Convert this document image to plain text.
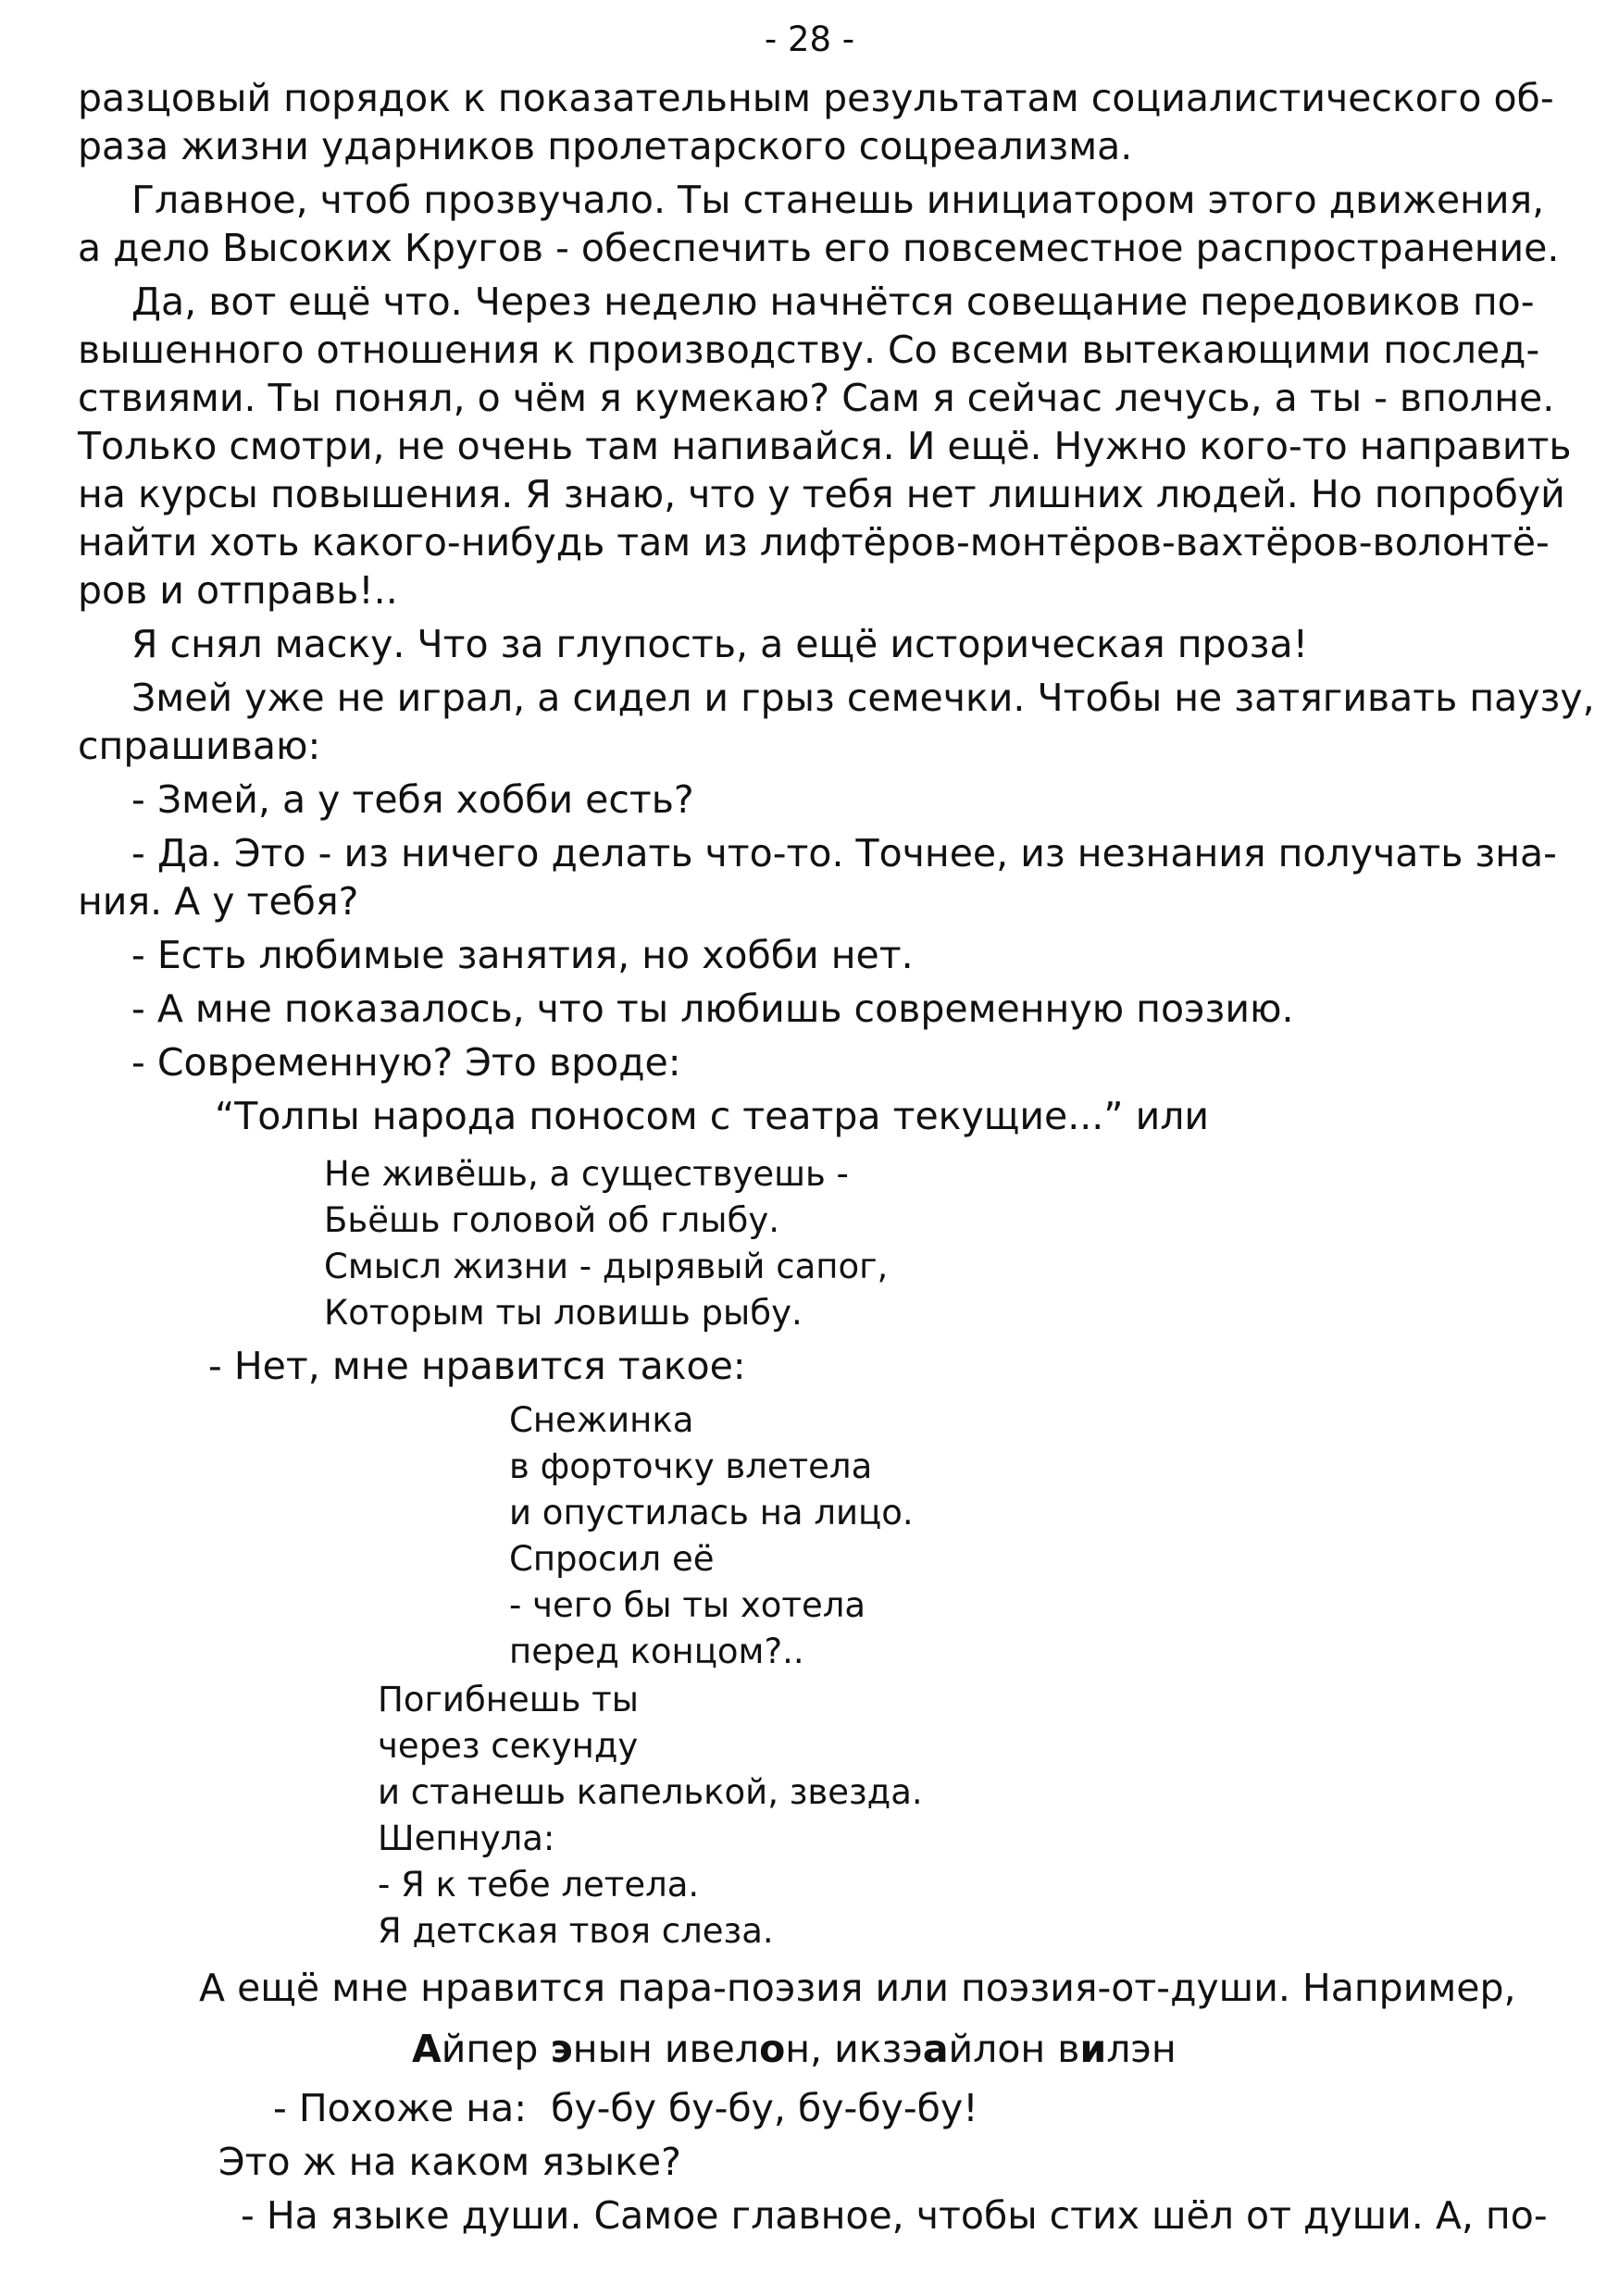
- 28 -
разцовый порядок к показательным результатам социалистического об-
раза жизни ударников пролетарского соцреализма.
Главное, чтоб прозвучало. Ты станешь инициатором этого движения,
а дело Высоких Кругов - обеспечить его повсеместное распространение.
Да, вот ещё что. Через неделю начнётся совещание передовиков по-
вышенного отношения к производству. Со всеми вытекающими послед-
ствиями. Ты понял, о чём я кумекаю? Сам я сейчас лечусь, а ты - вполне.
Только смотри, не очень там напивайся. И ещё. Нужно кого-то направить
на курсы повышения. Я знаю, что у тебя нет лишних людей. Но попробуй
найти хоть какого-нибудь там из лифтёров-монтёров-вахтёров-волонтё-
ров и отправь!..
Я снял маску. Что за глупость, а ещё историческая проза!
Змей уже не играл, а сидел и грыз семечки. Чтобы не затягивать паузу,
спрашиваю:
- Змей, а у тебя хобби есть?
- Да. Это - из ничего делать что-то. Точнее, из незнания получать зна-
ния. А у тебя?
- Есть любимые занятия, но хобби нет.
- А мне показалось, что ты любишь современную поэзию.
- Современную? Это вроде:
“Толпы народа поносом с театра текущие...” или
Не живёшь, а существуешь -
Бьёшь головой об глыбу.
Смысл жизни - дырявый сапог,
Которым ты ловишь рыбу.
- Нет, мне нравится такое:
Снежинка
в форточку влетела
и опустилась на лицо.
Спросил её
- чего бы ты хотела
перед концом?..
Погибнешь ты
через секунду
и станешь капелькой, звезда.
Шепнула:
- Я к тебе летела.
Я детская твоя слеза.
А ещё мне нравится пара-поэзия или поэзия-от-души. Например,
Айпер энын ивелон, икзэайлон вилэн
- Похоже на:  бу-бу бу-бу, бу-бу-бу!
Это ж на каком языке?
- На языке души. Самое главное, чтобы стих шёл от души. А, по-
